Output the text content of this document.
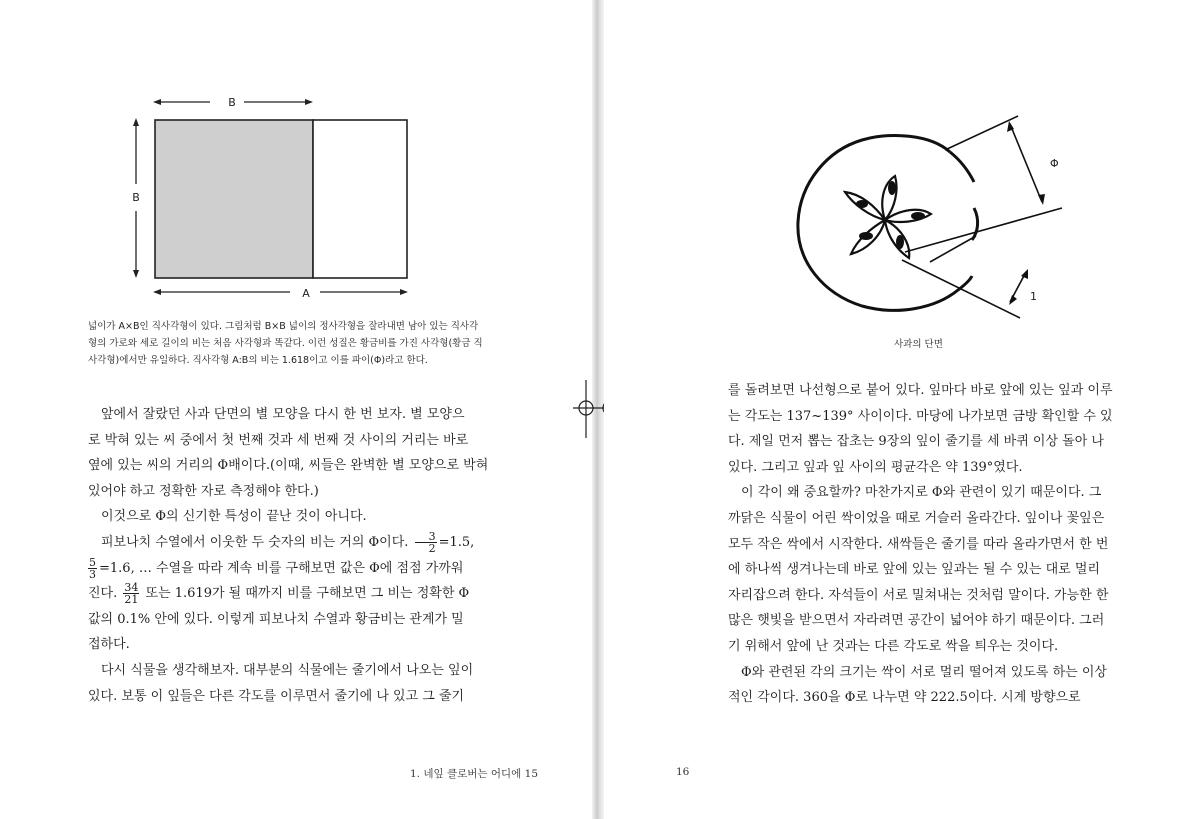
B
B
A
넓이가 A×B인 직사각형이 있다. 그림처럼 B×B 넓이의 정사각형을 잘라내면 남아 있는 직사각
형의 가로와 세로 길이의 비는 처음 사각형과 똑같다. 이런 성질은 황금비를 가진 사각형(황금 직
사각형)에서만 유일하다. 직사각형 A:B의 비는 1.618이고 이를 파이(Φ)라고 한다.

앞에서 잘랐던 사과 단면의 별 모양을 다시 한 번 보자. 별 모양으

로 박혀 있는 씨 중에서 첫 번째 것과 세 번째 것 사이의 거리는 바로

옆에 있는 씨의 거리의 Φ배이다.(이때, 씨들은 완벽한 별 모양으로 박혀

있어야 하고 정확한 자로 측정해야 한다.)

이것으로 Φ의 신기한 특성이 끝난 것이 아니다.

피보나치 수열에서 이웃한 두 숫자의 비는 거의 Φ이다. $\frac{3}{2} =1.5$,

$\frac{5}{3} =1.6$, … 수열을 따라 계속 비를 구해보면 값은 Φ에 점점 가까워

진다. $\frac{34}{21}$ 또는 1.619가 될 때까지 비를 구해보면 그 비는 정확한 Φ

값의 0.1% 안에 있다. 이렇게 피보나치 수열과 황금비는 관계가 밀

접하다.

다시 식물을 생각해보자. 대부분의 식물에는 줄기에서 나오는 잎이

있다. 보통 이 잎들은 다른 각도를 이루면서 줄기에 나 있고 그 줄기

1. 네잎 클로버는 어디에 15
Φ
1
사과의 단면

를 돌려보면 나선형으로 붙어 있다. 잎마다 바로 앞에 있는 잎과 이루

는 각도는 137~139° 사이이다. 마당에 나가보면 금방 확인할 수 있

다. 제일 먼저 뽑는 잡초는 9장의 잎이 줄기를 세 바퀴 이상 돌아 나

있다. 그리고 잎과 잎 사이의 평균각은 약 139°였다.

이 각이 왜 중요할까? 마찬가지로 Φ와 관련이 있기 때문이다. 그

까닭은 식물이 어린 싹이었을 때로 거슬러 올라간다. 잎이나 꽃잎은

모두 작은 싹에서 시작한다. 새싹들은 줄기를 따라 올라가면서 한 번

에 하나씩 생겨나는데 바로 앞에 있는 잎과는 될 수 있는 대로 멀리

자리잡으려 한다. 자석들이 서로 밀쳐내는 것처럼 말이다. 가능한 한

많은 햇빛을 받으면서 자라려면 공간이 넓어야 하기 때문이다. 그러

기 위해서 앞에 난 것과는 다른 각도로 싹을 틔우는 것이다.

Φ와 관련된 각의 크기는 싹이 서로 멀리 떨어져 있도록 하는 이상

적인 각이다. 360을 Φ로 나누면 약 222.5이다. 시계 방향으로

16
